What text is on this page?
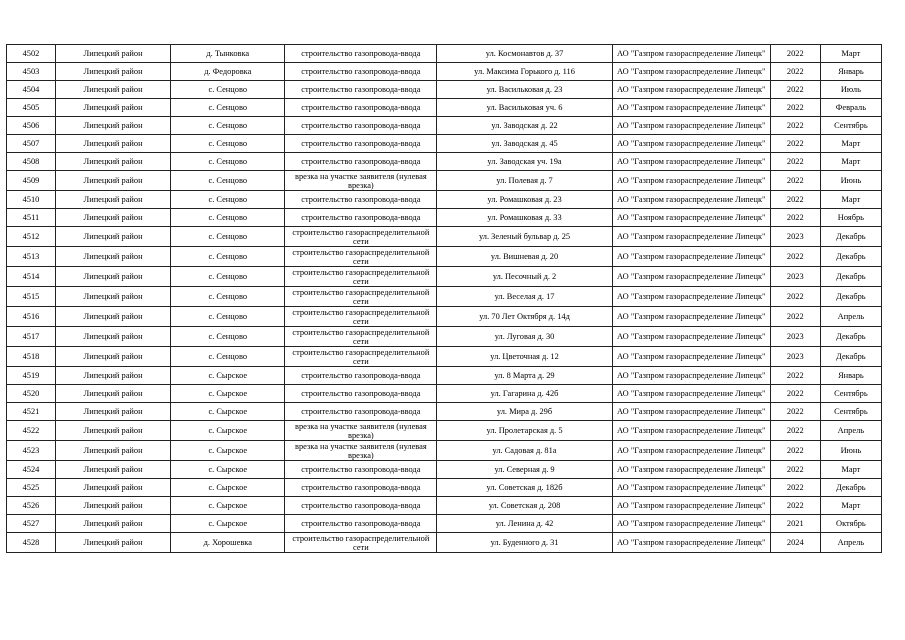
4502	Липецкий район	д. Тынковка	строительство газопровода-ввода	ул. Космонавтов д. 37	АО "Газпром газораспределение Липецк"	2022	Март
4503	Липецкий район	д. Федоровка	строительство газопровода-ввода	ул. Максима Горького д. 116	АО "Газпром газораспределение Липецк"	2022	Январь
4504	Липецкий район	с. Сенцово	строительство газопровода-ввода	ул. Васильковая д. 23	АО "Газпром газораспределение Липецк"	2022	Июль
4505	Липецкий район	с. Сенцово	строительство газопровода-ввода	ул. Васильковая уч. 6	АО "Газпром газораспределение Липецк"	2022	Февраль
4506	Липецкий район	с. Сенцово	строительство газопровода-ввода	ул. Заводская д. 22	АО "Газпром газораспределение Липецк"	2022	Сентябрь
4507	Липецкий район	с. Сенцово	строительство газопровода-ввода	ул. Заводская д. 45	АО "Газпром газораспределение Липецк"	2022	Март
4508	Липецкий район	с. Сенцово	строительство газопровода-ввода	ул. Заводская уч. 19а	АО "Газпром газораспределение Липецк"	2022	Март
4509	Липецкий район	с. Сенцово	врезка на участке заявителя (нулевая врезка)	ул. Полевая д. 7	АО "Газпром газораспределение Липецк"	2022	Июнь
4510	Липецкий район	с. Сенцово	строительство газопровода-ввода	ул. Ромашковая д. 23	АО "Газпром газораспределение Липецк"	2022	Март
4511	Липецкий район	с. Сенцово	строительство газопровода-ввода	ул. Ромашковая д. 33	АО "Газпром газораспределение Липецк"	2022	Ноябрь
4512	Липецкий район	с. Сенцово	строительство газораспределительной сети	ул. Зеленый бульвар д. 25	АО "Газпром газораспределение Липецк"	2023	Декабрь
4513	Липецкий район	с. Сенцово	строительство газораспределительной сети	ул. Вишневая д. 20	АО "Газпром газораспределение Липецк"	2022	Декабрь
4514	Липецкий район	с. Сенцово	строительство газораспределительной сети	ул. Песочный д. 2	АО "Газпром газораспределение Липецк"	2023	Декабрь
4515	Липецкий район	с. Сенцово	строительство газораспределительной сети	ул. Веселая д. 17	АО "Газпром газораспределение Липецк"	2022	Декабрь
4516	Липецкий район	с. Сенцово	строительство газораспределительной сети	ул. 70 Лет Октября д. 14д	АО "Газпром газораспределение Липецк"	2022	Апрель
4517	Липецкий район	с. Сенцово	строительство газораспределительной сети	ул. Луговая д. 30	АО "Газпром газораспределение Липецк"	2023	Декабрь
4518	Липецкий район	с. Сенцово	строительство газораспределительной сети	ул. Цветочная д. 12	АО "Газпром газораспределение Липецк"	2023	Декабрь
4519	Липецкий район	с. Сырское	строительство газопровода-ввода	ул. 8 Марта д. 29	АО "Газпром газораспределение Липецк"	2022	Январь
4520	Липецкий район	с. Сырское	строительство газопровода-ввода	ул. Гагарина д. 42б	АО "Газпром газораспределение Липецк"	2022	Сентябрь
4521	Липецкий район	с. Сырское	строительство газопровода-ввода	ул. Мира д. 29б	АО "Газпром газораспределение Липецк"	2022	Сентябрь
4522	Липецкий район	с. Сырское	врезка на участке заявителя (нулевая врезка)	ул. Пролетарская д. 5	АО "Газпром газораспределение Липецк"	2022	Апрель
4523	Липецкий район	с. Сырское	врезка на участке заявителя (нулевая врезка)	ул. Садовая д. 81а	АО "Газпром газораспределение Липецк"	2022	Июнь
4524	Липецкий район	с. Сырское	строительство газопровода-ввода	ул. Северная д. 9	АО "Газпром газораспределение Липецк"	2022	Март
4525	Липецкий район	с. Сырское	строительство газопровода-ввода	ул. Советская д. 182б	АО "Газпром газораспределение Липецк"	2022	Декабрь
4526	Липецкий район	с. Сырское	строительство газопровода-ввода	ул. Советская д. 208	АО "Газпром газораспределение Липецк"	2022	Март
4527	Липецкий район	с. Сырское	строительство газопровода-ввода	ул. Ленина д. 42	АО "Газпром газораспределение Липецк"	2021	Октябрь
4528	Липецкий район	д. Хорошевка	строительство газораспределительной сети	ул. Буденного д. 31	АО "Газпром газораспределение Липецк"	2024	Апрель
